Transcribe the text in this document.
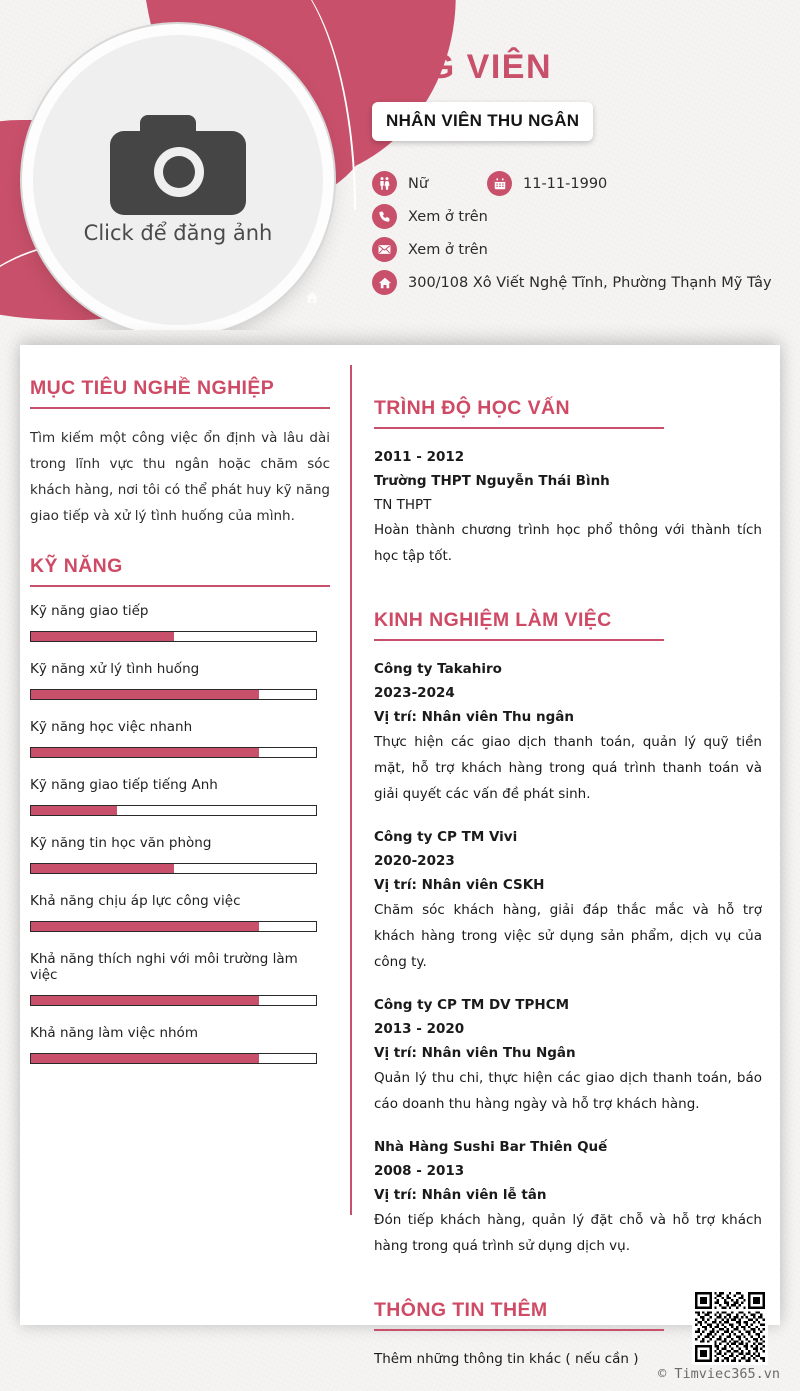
Click để đăng ảnh
ỨNG VIÊN
NHÂN VIÊN THU NGÂN
Nữ	11-11-1990
Xem ở trên
Xem ở trên
300/108 Xô Viết Nghệ Tĩnh, Phường Thạnh Mỹ Tây
MỤC TIÊU NGHỀ NGHIỆP
Tìm kiếm một công việc ổn định và lâu dài trong lĩnh vực thu ngân hoặc chăm sóc khách hàng, nơi tôi có thể phát huy kỹ năng giao tiếp và xử lý tình huống của mình.
KỸ NĂNG
Kỹ năng giao tiếp
Kỹ năng xử lý tình huống
Kỹ năng học việc nhanh
Kỹ năng giao tiếp tiếng Anh
Kỹ năng tin học văn phòng
Khả năng chịu áp lực công việc
Khả năng thích nghi với môi trường làm việc
Khả năng làm việc nhóm
TRÌNH ĐỘ HỌC VẤN
2011 - 2012
Trường THPT Nguyễn Thái Bình
TN THPT
Hoàn thành chương trình học phổ thông với thành tích học tập tốt.
KINH NGHIỆM LÀM VIỆC
Công ty Takahiro
2023-2024
Vị trí: Nhân viên Thu ngân
Thực hiện các giao dịch thanh toán, quản lý quỹ tiền mặt, hỗ trợ khách hàng trong quá trình thanh toán và giải quyết các vấn đề phát sinh.
Công ty CP TM Vivi
2020-2023
Vị trí: Nhân viên CSKH
Chăm sóc khách hàng, giải đáp thắc mắc và hỗ trợ khách hàng trong việc sử dụng sản phẩm, dịch vụ của công ty.
Công ty CP TM DV TPHCM
2013 - 2020
Vị trí: Nhân viên Thu Ngân
Quản lý thu chi, thực hiện các giao dịch thanh toán, báo cáo doanh thu hàng ngày và hỗ trợ khách hàng.
Nhà Hàng Sushi Bar Thiên Quế
2008 - 2013
Vị trí: Nhân viên lễ tân
Đón tiếp khách hàng, quản lý đặt chỗ và hỗ trợ khách hàng trong quá trình sử dụng dịch vụ.
THÔNG TIN THÊM
Thêm những thông tin khác ( nếu cần )
© Timviec365.vn
